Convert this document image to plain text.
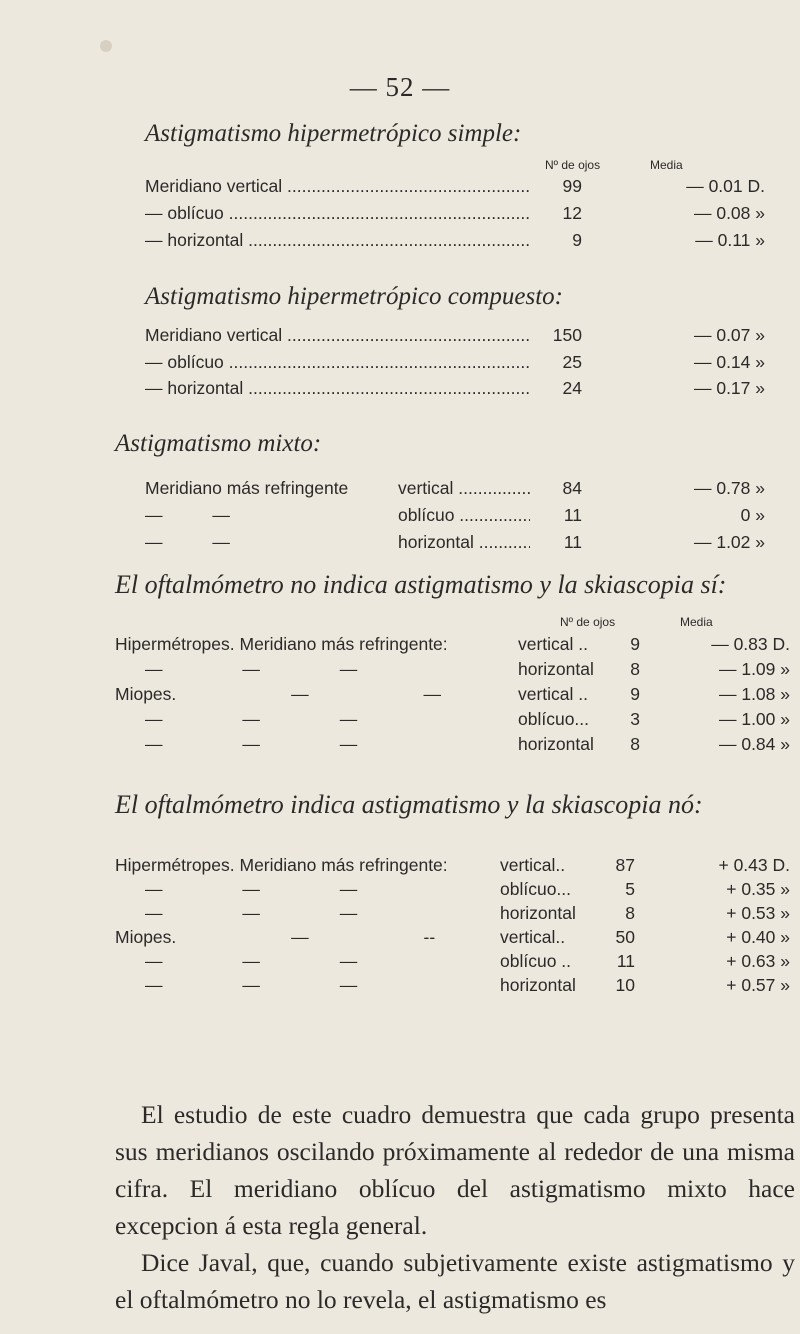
— 52 —
Astigmatismo hipermetrópico simple:
Nº de ojos	Media
Meridiano vertical .....	99	— 0.01 D.
— oblícuo .....	12	— 0.08 »
— horizontal .....	9	— 0.11 »
Astigmatismo hipermetrópico compuesto:
Meridiano vertical .....	150	— 0.07 »
— oblícuo .....	25	— 0.14 »
— horizontal .....	24	— 0.17 »
Astigmatismo mixto:
Meridiano más refringente	vertical .....	84	— 0.78 »
— —	oblícuo .....	11	0 »
— —	horizontal .....	11	— 1.02 »
El oftalmómetro no indica astigmatismo y la skiascopia sí:
Nº de ojos	Media
Hipermétropes. Meridiano más refringente:	vertical ..	9	— 0.83 D.
— — —	horizontal	8	— 1.09 »
Miopes. — —	vertical ..	9	— 1.08 »
— — —	oblícuo...	3	— 1.00 »
— — —	horizontal	8	— 0.84 »
El oftalmómetro indica astigmatismo y la skiascopia nó:
Hipermétropes. Meridiano más refringente:	vertical..	87	+ 0.43 D.
— — —	oblícuo...	5	+ 0.35 »
— — —	horizontal	8	+ 0.53 »
Miopes. — --	vertical..	50	+ 0.40 »
— — —	oblícuo ..	11	+ 0.63 »
— — —	horizontal	10	+ 0.57 »

El estudio de este cuadro demuestra que cada grupo presenta sus meridianos oscilando próximamente al rededor de una misma cifra. El meridiano oblícuo del astigmatismo mixto hace excepcion á esta regla general.

Dice Javal, que, cuando subjetivamente existe astigmatismo y el oftalmómetro no lo revela, el astigmatismo es
